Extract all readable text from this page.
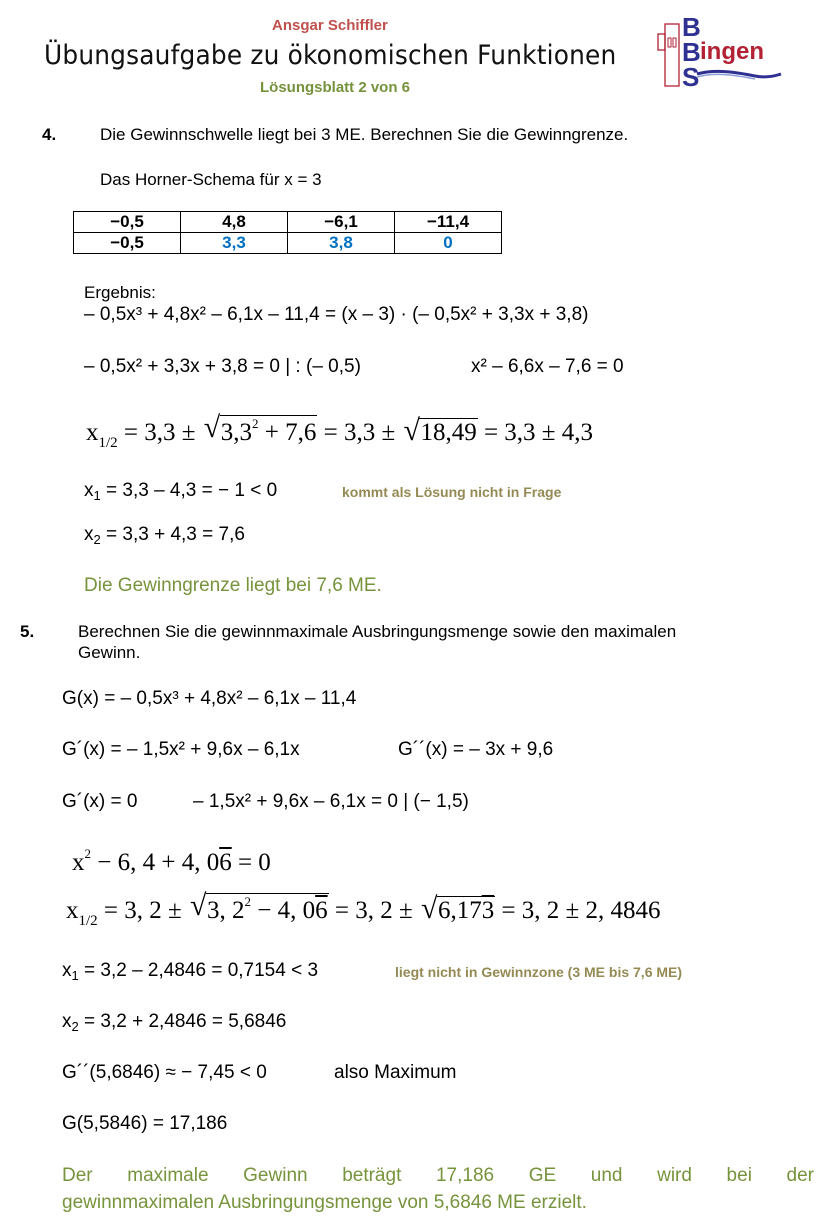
Ansgar Schiffler
Übungsaufgabe zu ökonomischen Funktionen
Lösungsblatt 2 von 6
B
B
S
ingen
4.	Die Gewinnschwelle liegt bei 3 ME. Berechnen Sie die Gewinngrenze.
Das Horner-Schema für x = 3
−0,5	4,8	−6,1	−11,4
−0,5	3,3	3,8	0
Ergebnis:
– 0,5x³ + 4,8x² – 6,1x – 11,4 = (x – 3) · (– 0,5x² + 3,3x + 3,8)
– 0,5x² + 3,3x + 3,8 = 0 | : (– 0,5)	x² – 6,6x – 7,6 = 0
$x_{1/2} = 3,3$ ± √ $3,3^2 + 7,6 = 3,3$ ± √ 18,49 = 3,3 ± 4,3
$x_1 = 3,3 - 4,3$ = − 1 < 0	kommt als Lösung nicht in Frage
$x_2 = 3,3 + 4,3 = 7,6$
Die Gewinngrenze liegt bei 7,6 ME.
5.	Berechnen Sie die gewinnmaximale Ausbringungsmenge sowie den maximalen
Gewinn.
G(x) = – 0,5x³ + 4,8x² – 6,1x – 11,4
G´(x) = – 1,5x² + 9,6x – 6,1x	G´´(x) = – 3x + 9,6
G´(x) = 0	– 1,5x² + 9,6x – 6,1x = 0 | (− 1,5)
$x^2 - 6$, 4 + 4, 06 = 0
$x_{1/2} = 3$, 2 ± √ 3, $2^2 - 4$, 06 = 3, 2 ± √ 6,173 = 3, 2 ± 2, 4846
$x_1 = 3,2 - 2,4846 = 0,7154 < 3$	liegt nicht in Gewinnzone (3 ME bis 7,6 ME)
$x_2 = 3,2 + 2,4846 = 5,6846$
G´´(5,6846) ≈ − 7,45 < 0	also Maximum
G(5,5846) = 17,186
Der maximale Gewinn beträgt 17,186 GE und wird bei der
gewinnmaximalen Ausbringungsmenge von 5,6846 ME erzielt.
